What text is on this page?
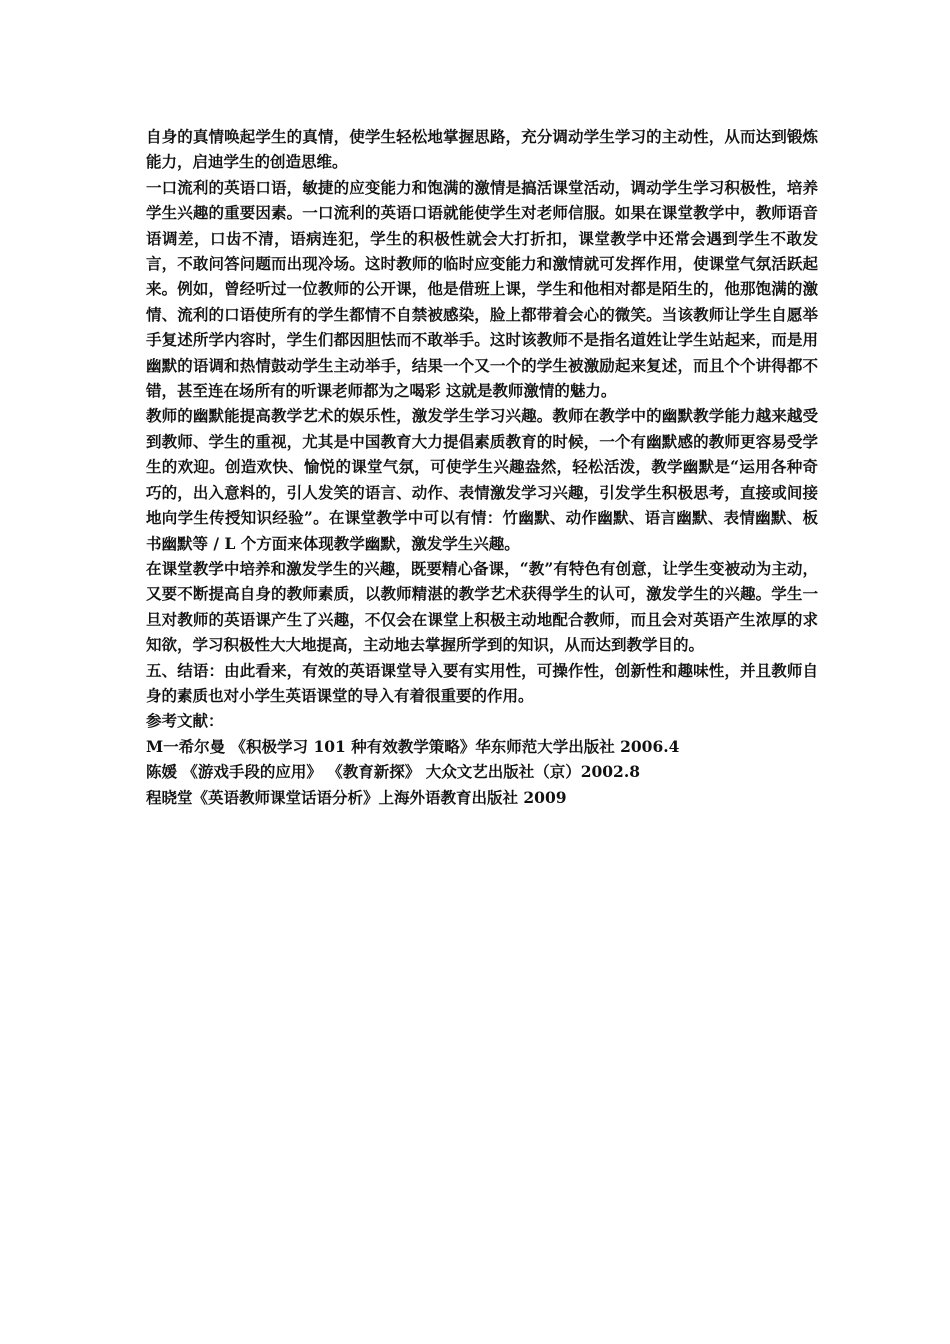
自身的真情唤起学生的真情，使学生轻松地掌握思路，充分调动学生学习的主动性，从而达到锻炼能力，启迪学生的创造思维。

一口流利的英语口语，敏捷的应变能力和饱满的激情是搞活课堂活动，调动学生学习积极性，培养学生兴趣的重要因素。一口流利的英语口语就能使学生对老师信服。如果在课堂教学中，教师语音语调差，口齿不清，语病连犯，学生的积极性就会大打折扣，课堂教学中还常会遇到学生不敢发言，不敢问答问题而出现冷场。这时教师的临时应变能力和激情就可发挥作用，使课堂气氛活跃起来。例如，曾经听过一位教师的公开课，他是借班上课，学生和他相对都是陌生的，他那饱满的激情、流利的口语使所有的学生都情不自禁被感染，脸上都带着会心的微笑。当该教师让学生自愿举手复述所学内容时，学生们都因胆怯而不敢举手。这时该教师不是指名道姓让学生站起来，而是用幽默的语调和热情鼓动学生主动举手，结果一个又一个的学生被激励起来复述，而且个个讲得都不错，甚至连在场所有的听课老师都为之喝彩 这就是教师激情的魅力。

教师的幽默能提高教学艺术的娱乐性，激发学生学习兴趣。教师在教学中的幽默教学能力越来越受到教师、学生的重视，尤其是中国教育大力提倡素质教育的时候，一个有幽默感的教师更容易受学生的欢迎。创造欢快、愉悦的课堂气氛，可使学生兴趣盎然，轻松活泼，教学幽默是“运用各种奇巧的，出入意料的，引人发笑的语言、动作、表情激发学习兴趣，引发学生积极思考，直接或间接地向学生传授知识经验”。在课堂教学中可以有情：竹幽默、动作幽默、语言幽默、表情幽默、板书幽默等 / L 个方面来体现教学幽默，激发学生兴趣。

在课堂教学中培养和激发学生的兴趣，既要精心备课，“教”有特色有创意，让学生变被动为主动，又要不断提高自身的教师素质，以教师精湛的教学艺术获得学生的认可，激发学生的兴趣。学生一旦对教师的英语课产生了兴趣，不仅会在课堂上积极主动地配合教师，而且会对英语产生浓厚的求知欲，学习积极性大大地提高，主动地去掌握所学到的知识，从而达到教学目的。

五、结语：由此看来，有效的英语课堂导入要有实用性，可操作性，创新性和趣味性，并且教师自身的素质也对小学生英语课堂的导入有着很重要的作用。

参考文献：

M一希尔曼 《积极学习 101 种有效教学策略》华东师范大学出版社 2006.4
陈媛 《游戏手段的应用》 《教育新探》 大众文艺出版社（京）2002.8
程晓堂《英语教师课堂话语分析》上海外语教育出版社 2009
